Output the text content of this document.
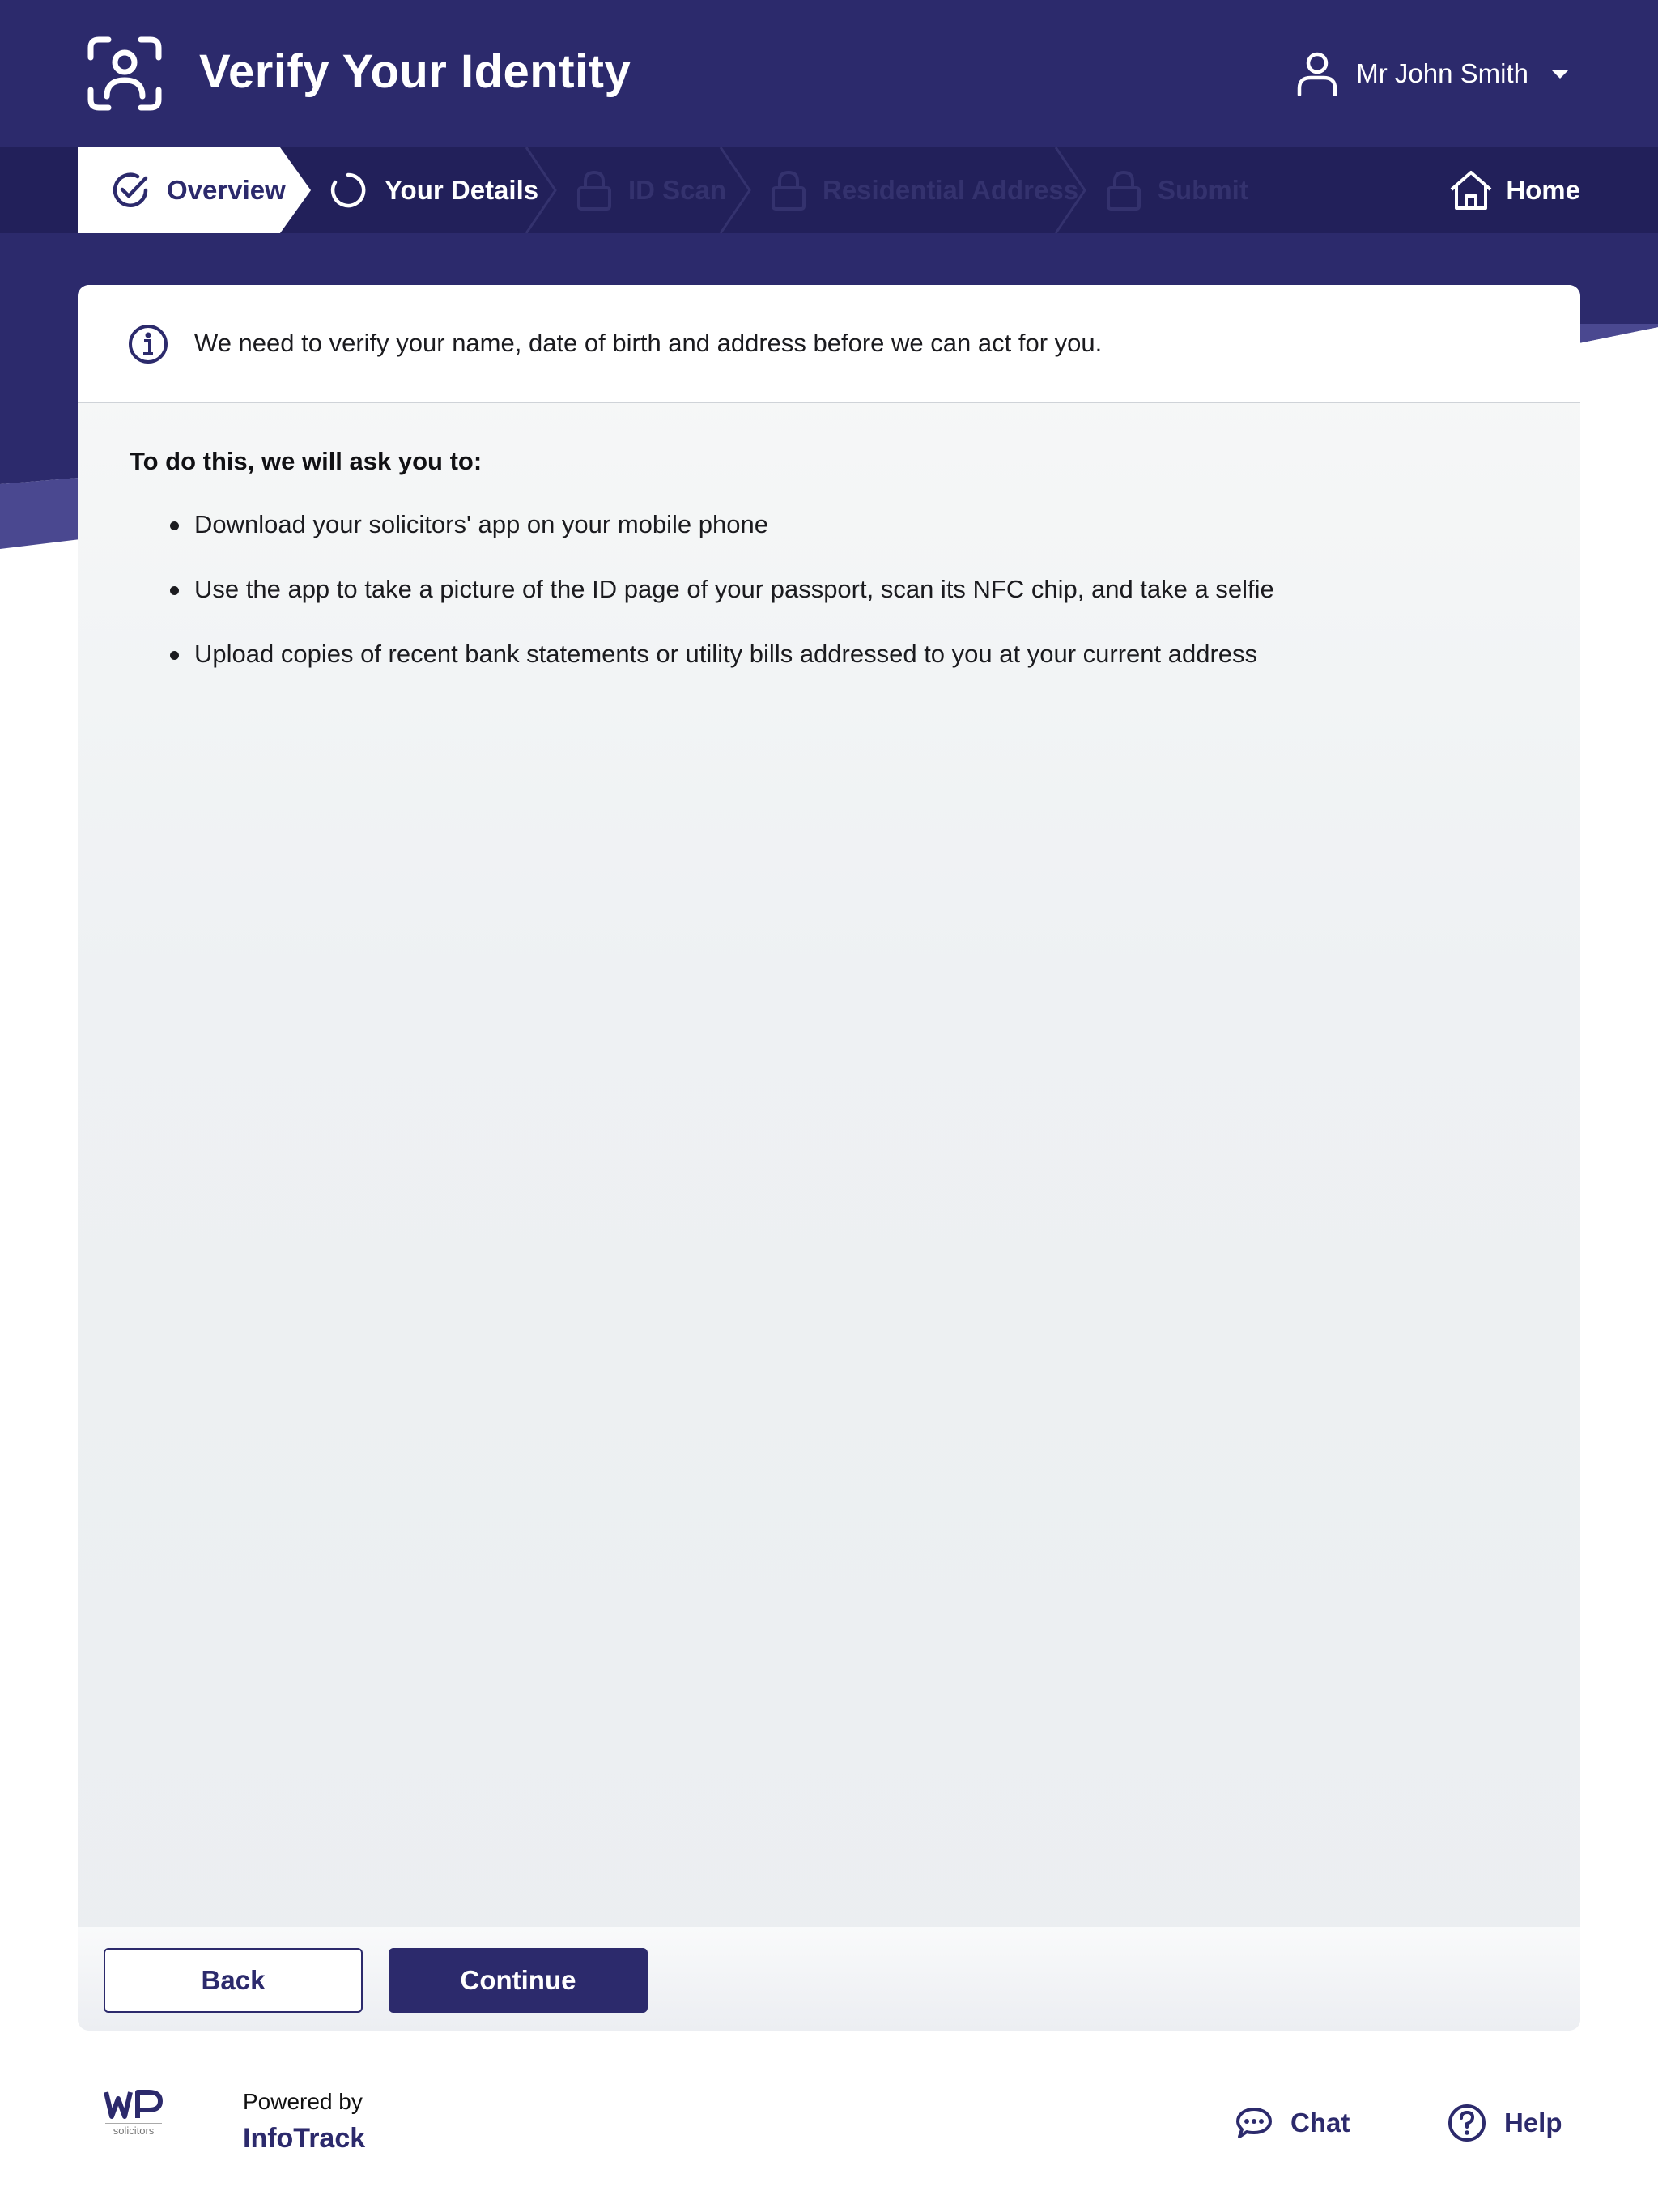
Verify Your Identity	Mr John Smith
Overview	Your Details	ID Scan	Residential Address	Submit	Home
We need to verify your name, date of birth and address before we can act for you.
To do this, we will ask you to:
Download your solicitors' app on your mobile phone
Use the app to take a picture of the ID page of your passport, scan its NFC chip, and take a selfie
Upload copies of recent bank statements or utility bills addressed to you at your current address
Back	Continue
solicitors
Powered by
InfoTrack
Chat	Help
